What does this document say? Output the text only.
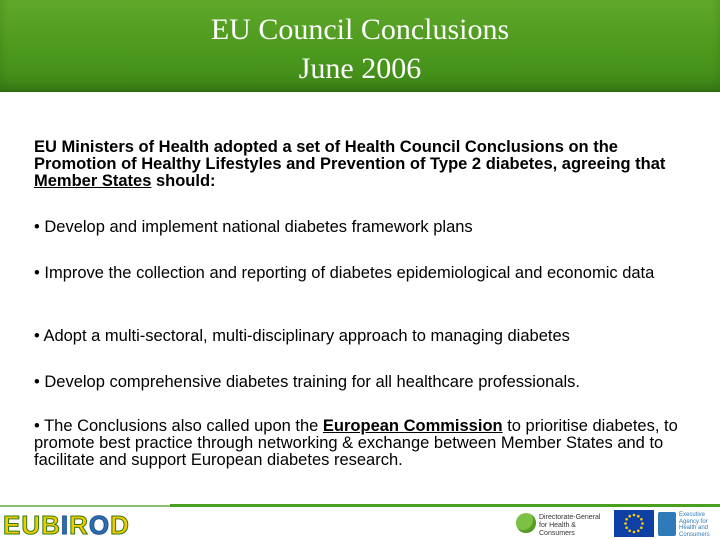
EU Council Conclusions
June 2006
EU Ministers of Health adopted a set of Health Council Conclusions on the Promotion of Healthy Lifestyles and Prevention of Type 2 diabetes, agreeing that Member States should:
• Develop and implement national diabetes framework plans
• Improve the collection and reporting of diabetes epidemiological and economic data
• Adopt a multi-sectoral, multi-disciplinary approach to managing diabetes
• Develop comprehensive diabetes training for all healthcare professionals.
• The Conclusions also called upon the European Commission to prioritise diabetes, to promote best practice through networking & exchange between Member States and to facilitate and support European diabetes research.
EUBIROD	Directorate-General for Health & Consumers
Executive Agency for Health and Consumers
